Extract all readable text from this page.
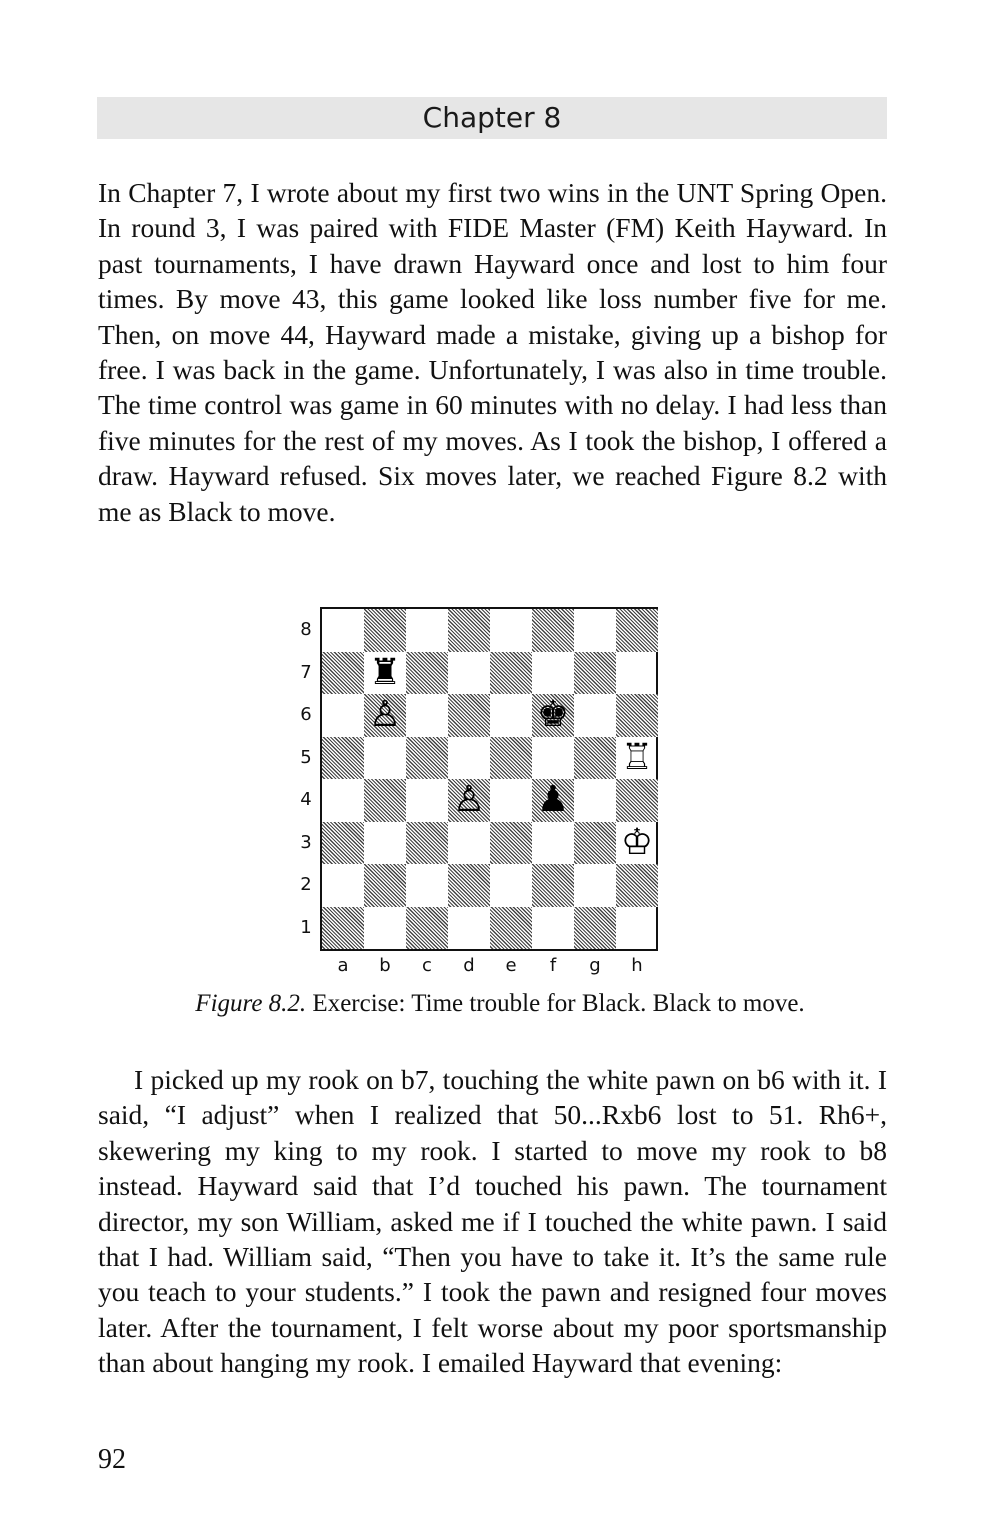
Chapter 8

In Chapter 7, I wrote about my first two wins in the UNT Spring Open. In round 3, I was paired with FIDE Master (FM) Keith Hayward. In past tournaments, I have drawn Hayward once and lost to him four times. By move 43, this game looked like loss number five for me. Then, on move 44, Hayward made a mistake, giving up a bishop for free. I was back in the game. Unfortunately, I was also in time trouble. The time control was game in 60 minutes with no delay. I had less than five minutes for the rest of my moves. As I took the bishop, I offered a draw. Hayward refused. Six moves later, we reached Figure 8.2 with me as Black to move.

♜
♙	♚
♖
♙ ♟
♔
8
7
6
5
4
3
2
1
a	b	c	d	e	f	g	h
Figure 8.2. Exercise: Time trouble for Black. Black to move.

I picked up my rook on b7, touching the white pawn on b6 with it. I said, “I adjust” when I realized that 50...Rxb6 lost to 51. Rh6+, skewering my king to my rook. I started to move my rook to b8 instead. Hayward said that I’d touched his pawn. The tournament director, my son William, asked me if I touched the white pawn. I said that I had. William said, “Then you have to take it. It’s the same rule you teach to your students.” I took the pawn and resigned four moves later. After the tournament, I felt worse about my poor sportsmanship than about hanging my rook. I emailed Hayward that evening:

92
